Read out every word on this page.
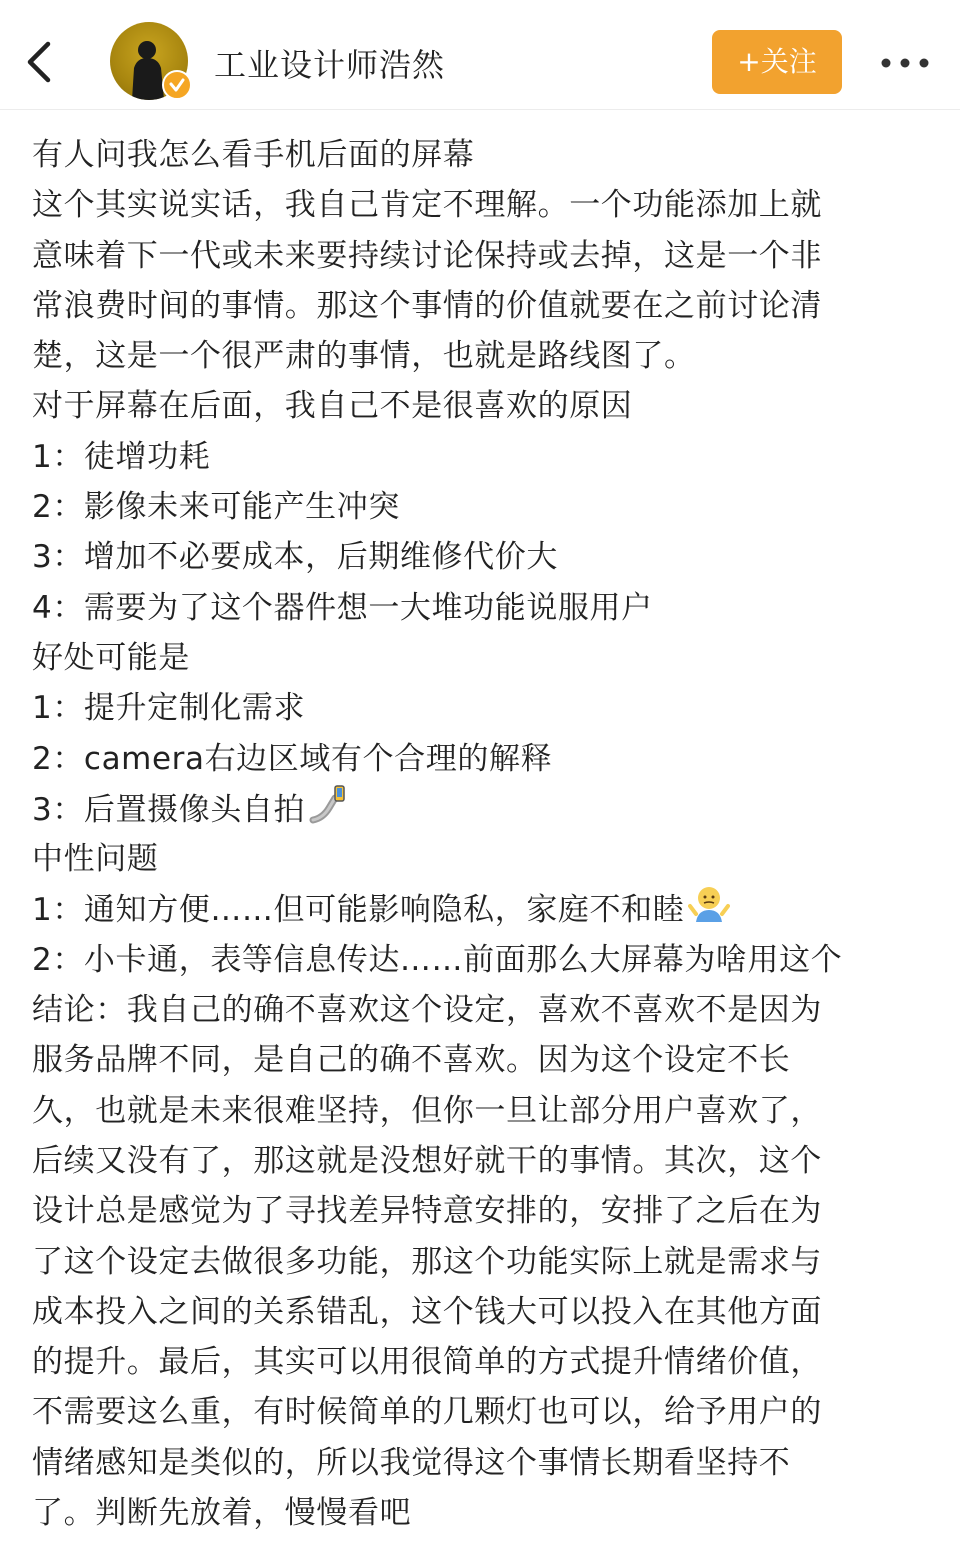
工业设计师浩然	+关注
有人问我怎么看手机后面的屏幕
这个其实说实话，我自己肯定不理解。一个功能添加上就
意味着下一代或未来要持续讨论保持或去掉，这是一个非
常浪费时间的事情。那这个事情的价值就要在之前讨论清
楚，这是一个很严肃的事情，也就是路线图了。
对于屏幕在后面，我自己不是很喜欢的原因
1：徒增功耗
2：影像未来可能产生冲突
3：增加不必要成本，后期维修代价大
4：需要为了这个器件想一大堆功能说服用户
好处可能是
1：提升定制化需求
2：camera右边区域有个合理的解释
3：后置摄像头自拍
中性问题
1：通知方便……但可能影响隐私，家庭不和睦
2：小卡通，表等信息传达……前面那么大屏幕为啥用这个
结论：我自己的确不喜欢这个设定，喜欢不喜欢不是因为
服务品牌不同，是自己的确不喜欢。因为这个设定不长
久，也就是未来很难坚持，但你一旦让部分用户喜欢了，
后续又没有了，那这就是没想好就干的事情。其次，这个
设计总是感觉为了寻找差异特意安排的，安排了之后在为
了这个设定去做很多功能，那这个功能实际上就是需求与
成本投入之间的关系错乱，这个钱大可以投入在其他方面
的提升。最后，其实可以用很简单的方式提升情绪价值，
不需要这么重，有时候简单的几颗灯也可以，给予用户的
情绪感知是类似的，所以我觉得这个事情长期看坚持不
了。判断先放着，慢慢看吧
